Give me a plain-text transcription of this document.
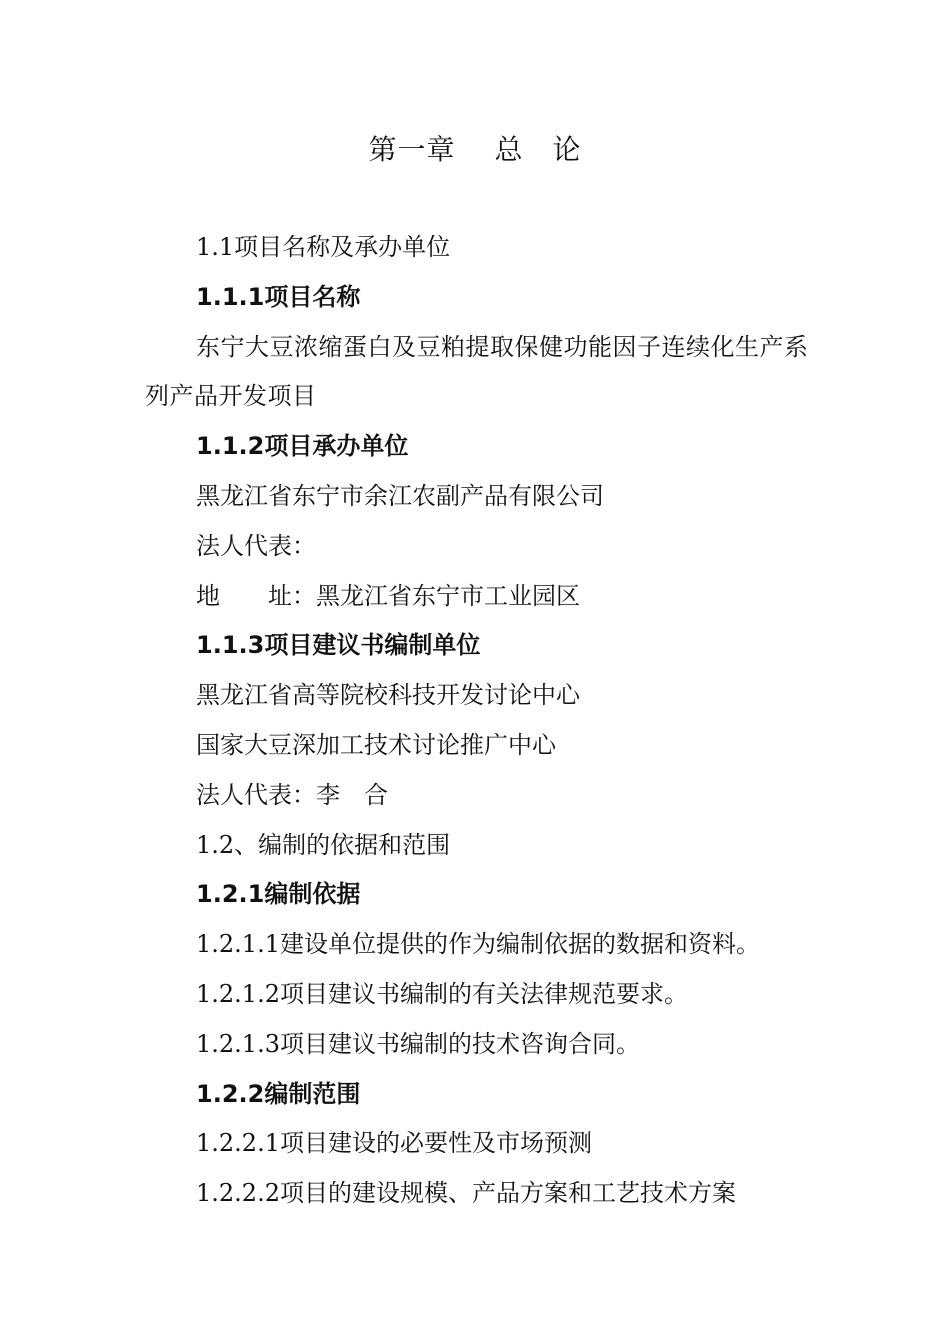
第一章　 总　论
1.1项目名称及承办单位
1.1.1项目名称
东宁大豆浓缩蛋白及豆粕提取保健功能因子连续化生产系列产品开发项目
1.1.2项目承办单位
黑龙江省东宁市余江农副产品有限公司
法人代表：
地　　址：黑龙江省东宁市工业园区
1.1.3项目建议书编制单位
黑龙江省高等院校科技开发讨论中心
国家大豆深加工技术讨论推广中心
法人代表：李　合
1.2、编制的依据和范围
1.2.1编制依据
1.2.1.1建设单位提供的作为编制依据的数据和资料。
1.2.1.2项目建议书编制的有关法律规范要求。
1.2.1.3项目建议书编制的技术咨询合同。
1.2.2编制范围
1.2.2.1项目建设的必要性及市场预测
1.2.2.2项目的建设规模、产品方案和工艺技术方案
